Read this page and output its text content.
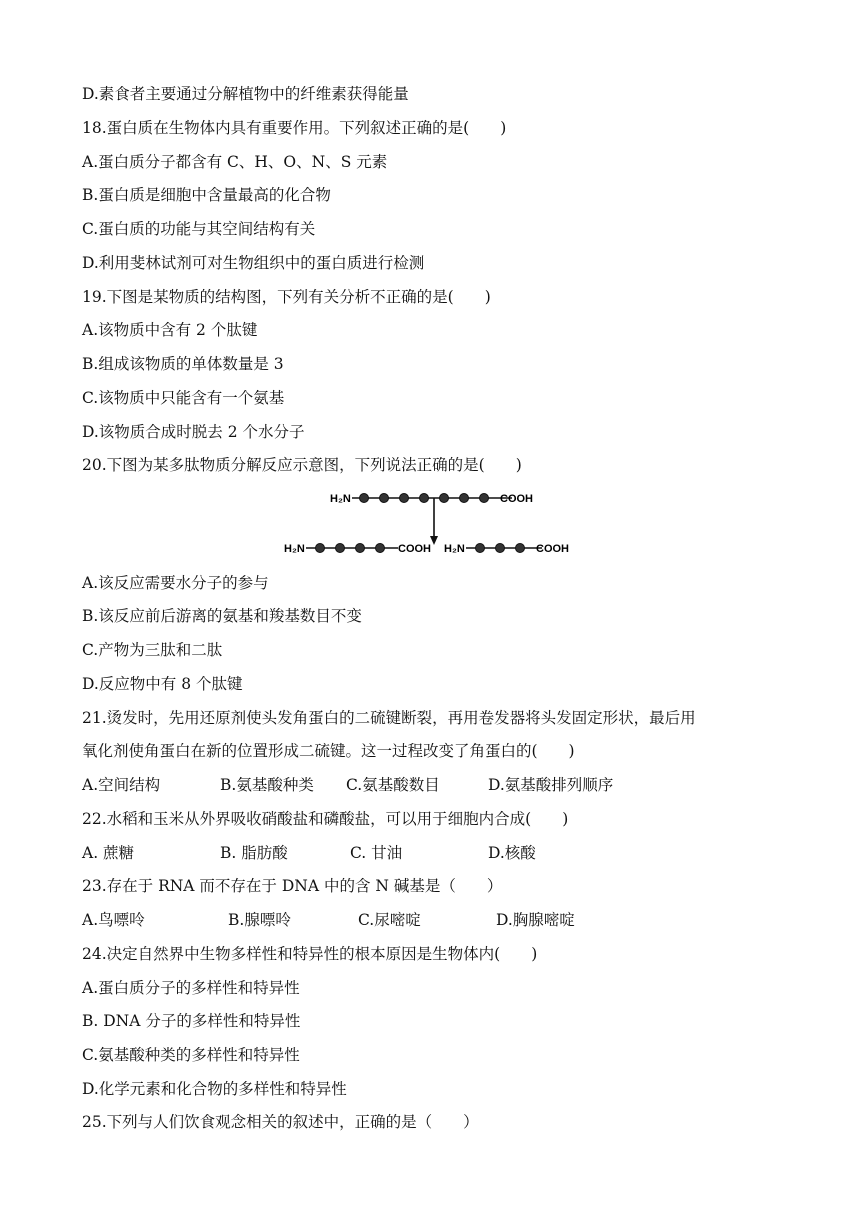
D.素食者主要通过分解植物中的纤维素获得能量
18.蛋白质在生物体内具有重要作用。下列叙述正确的是(　　)
A.蛋白质分子都含有 C、H、O、N、S 元素
B.蛋白质是细胞中含量最高的化合物
C.蛋白质的功能与其空间结构有关
D.利用斐林试剂可对生物组织中的蛋白质进行检测
19.下图是某物质的结构图，下列有关分析不正确的是(　　)
A.该物质中含有 2 个肽键
B.组成该物质的单体数量是 3
C.该物质中只能含有一个氨基
D.该物质合成时脱去 2 个水分子
20.下图为某多肽物质分解反应示意图，下列说法正确的是(　　)
H₂N	COOH
H₂N	COOH H₂N	COOH
A.该反应需要水分子的参与
B.该反应前后游离的氨基和羧基数目不变
C.产物为三肽和二肽
D.反应物中有 8 个肽键
21.烫发时，先用还原剂使头发角蛋白的二硫键断裂，再用卷发器将头发固定形状，最后用
氧化剂使角蛋白在新的位置形成二硫键。这一过程改变了角蛋白的(　　)
A.空间结构	B.氨基酸种类 C.氨基酸数目	D.氨基酸排列顺序
22.水稻和玉米从外界吸收硝酸盐和磷酸盐，可以用于细胞内合成(　　)
A. 蔗糖	B. 脂肪酸	C. 甘油	D.核酸
23.存在于 RNA 而不存在于 DNA 中的含 N 碱基是（　　）
A.鸟嘌呤	B.腺嘌呤	C.尿嘧啶	D.胸腺嘧啶
24.决定自然界中生物多样性和特异性的根本原因是生物体内(　　)
A.蛋白质分子的多样性和特异性
B. DNA 分子的多样性和特异性
C.氨基酸种类的多样性和特异性
D.化学元素和化合物的多样性和特异性
25.下列与人们饮食观念相关的叙述中，正确的是（　　）
